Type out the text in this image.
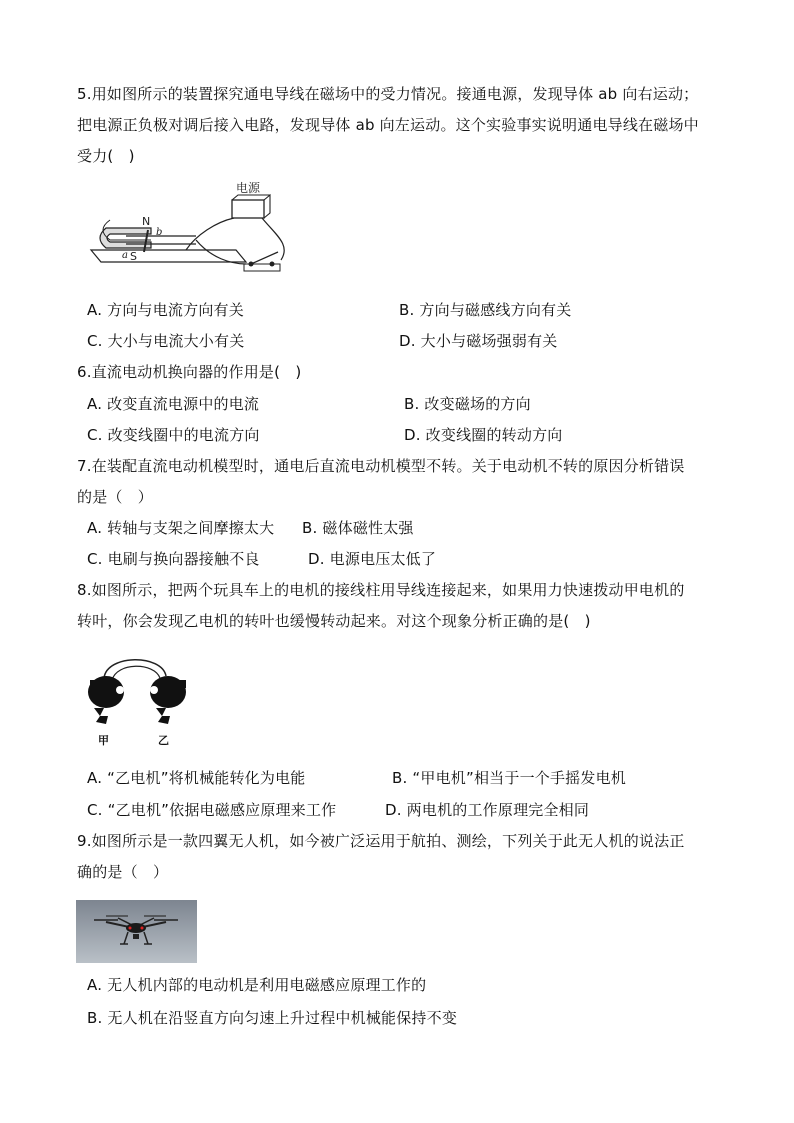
5.用如图所示的装置探究通电导线在磁场中的受力情况。接通电源，发现导体 ab 向右运动；
把电源正负极对调后接入电路，发现导体 ab 向左运动。这个实验事实说明通电导线在磁场中
受力(　)
电源
N
S
b
a
A. 方向与电流方向有关	B. 方向与磁感线方向有关
C. 大小与电流大小有关	D. 大小与磁场强弱有关
6.直流电动机换向器的作用是(　)
A. 改变直流电源中的电流	B. 改变磁场的方向
C. 改变线圈中的电流方向	D. 改变线圈的转动方向
7.在装配直流电动机模型时，通电后直流电动机模型不转。关于电动机不转的原因分析错误
的是（　）
A. 转轴与支架之间摩擦太大 B. 磁体磁性太强
C. 电刷与换向器接触不良	D. 电源电压太低了
8.如图所示，把两个玩具车上的电机的接线柱用导线连接起来，如果用力快速拨动甲电机的
转叶，你会发现乙电机的转叶也缓慢转动起来。对这个现象分析正确的是(　)
甲	乙
A. “乙电机”将机械能转化为电能	B. “甲电机”相当于一个手摇发电机
C. “乙电机”依据电磁感应原理来工作	D. 两电机的工作原理完全相同
9.如图所示是一款四翼无人机，如今被广泛运用于航拍、测绘，下列关于此无人机的说法正
确的是（　）
A. 无人机内部的电动机是利用电磁感应原理工作的
B. 无人机在沿竖直方向匀速上升过程中机械能保持不变
